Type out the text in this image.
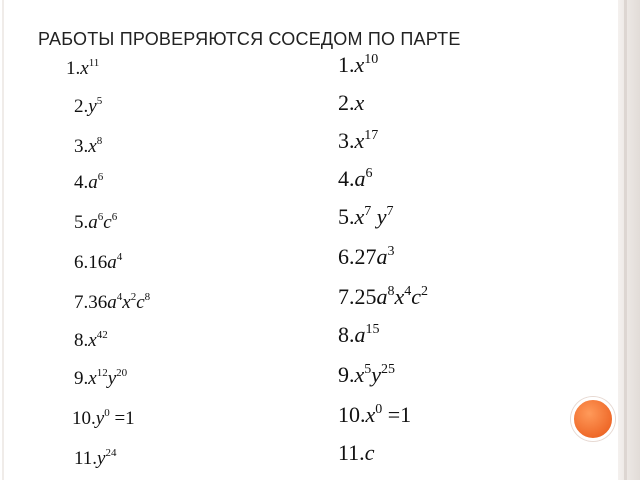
РАБОТЫ ПРОВЕРЯЮТСЯ СОСЕДОМ ПО ПАРТЕ
$1.x^{11}$
$2.y^5$
$3.x^8$
$4.a^6$
$5.a^6c^6$
$6.16a^4$
$7.36a^4x^2c^8$
$8.x^{42}$
$9.x^{12}y^{20}$
$10.y^0 =1$
$11.y^{24}$
$1.x^{10}$
2.x
$3.x^{17}$
$4.a^6$
$5.x^7$ $y^7$
$6.27a^3$
$7.25a^8x^4c^2$
$8.a^{15}$
$9.x^5y^{25}$
$10.x^0 =1$
11.c
